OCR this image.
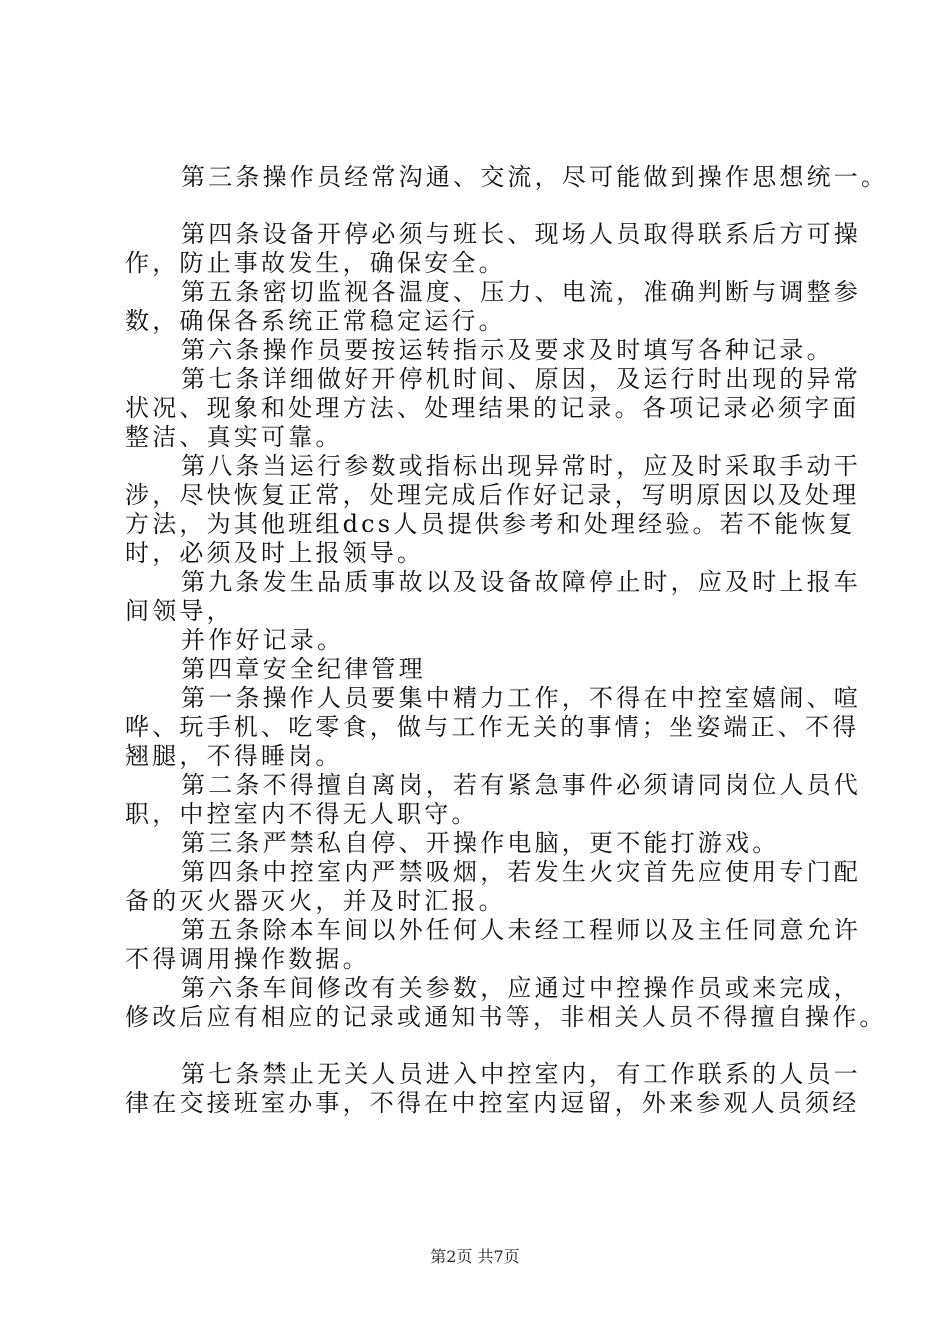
第三条操作员经常沟通、交流，尽可能做到操作思想统一。
第四条设备开停必须与班长、现场人员取得联系后方可操
作，防止事故发生，确保安全。
第五条密切监视各温度、压力、电流，准确判断与调整参
数，确保各系统正常稳定运行。
第六条操作员要按运转指示及要求及时填写各种记录。
第七条详细做好开停机时间、原因，及运行时出现的异常
状况、现象和处理方法、处理结果的记录。各项记录必须字面
整洁、真实可靠。
第八条当运行参数或指标出现异常时，应及时采取手动干
涉，尽快恢复正常，处理完成后作好记录，写明原因以及处理
方法，为其他班组dcs人员提供参考和处理经验。若不能恢复
时，必须及时上报领导。
第九条发生品质事故以及设备故障停止时，应及时上报车
间领导，
并作好记录。
第四章安全纪律管理
第一条操作人员要集中精力工作，不得在中控室嬉闹、喧
哗、玩手机、吃零食，做与工作无关的事情；坐姿端正、不得
翘腿，不得睡岗。
第二条不得擅自离岗，若有紧急事件必须请同岗位人员代
职，中控室内不得无人职守。
第三条严禁私自停、开操作电脑，更不能打游戏。
第四条中控室内严禁吸烟，若发生火灾首先应使用专门配
备的灭火器灭火，并及时汇报。
第五条除本车间以外任何人未经工程师以及主任同意允许
不得调用操作数据。
第六条车间修改有关参数，应通过中控操作员或来完成，
修改后应有相应的记录或通知书等，非相关人员不得擅自操作。
第七条禁止无关人员进入中控室内，有工作联系的人员一
律在交接班室办事，不得在中控室内逗留，外来参观人员须经
第2页 共7页
